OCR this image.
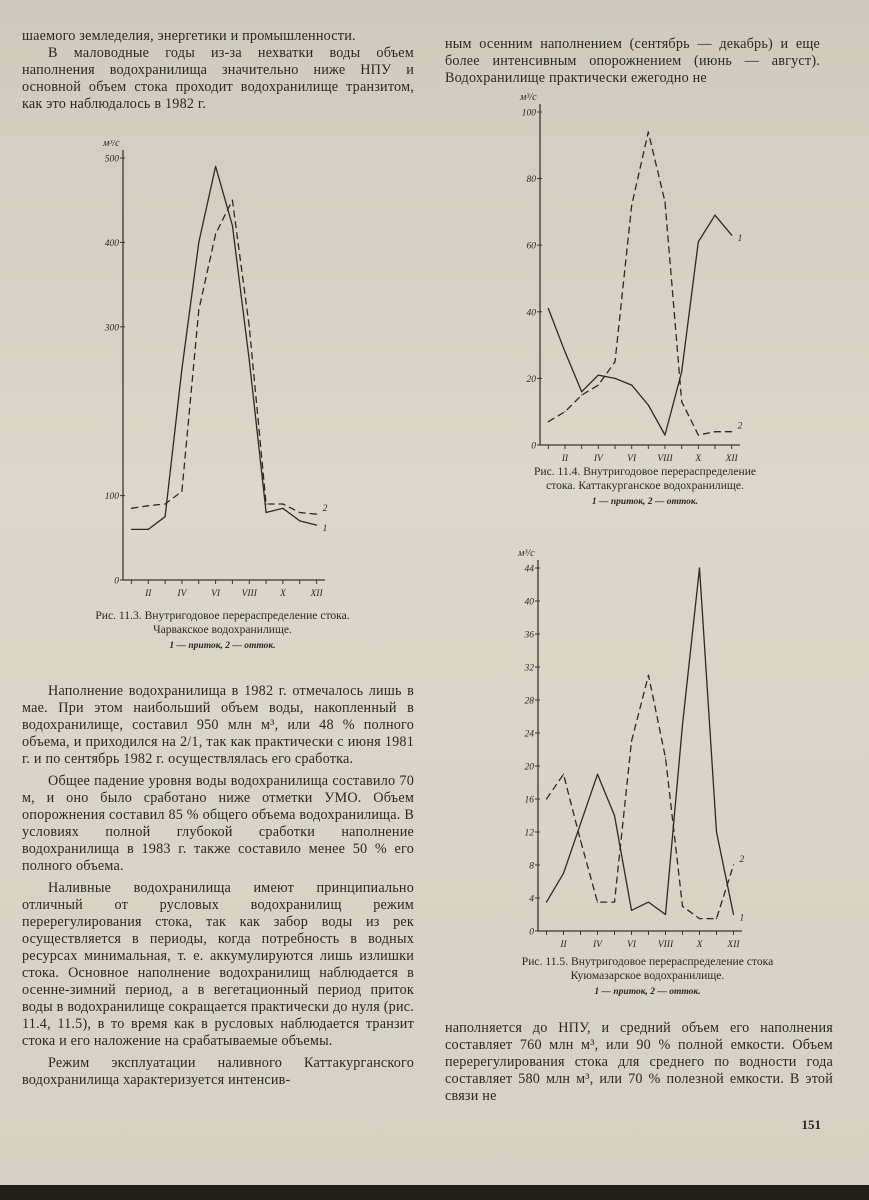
шаемого земледелия, энергетики и промышленности.

В маловодные годы из-за нехватки воды объем наполнения водохранилища значительно ниже НПУ и основной объем стока проходит водохранилище транзитом, как это наблюдалось в 1982 г.

ным осенним наполнением (сентябрь — декабрь) и еще более интенсивным опорожнением (июнь — август). Водохранилище практически ежегодно не

м³/с
0
100
300
400
500
II	IV	VI VIII X	XII
1
2
Рис. 11.3. Внутригодовое перераспределение стока. Чарвакское водохранилище.
1 — приток, 2 — отток.
м³/с
0
20
40
60
80
100
II	IV	VI VIII X	XII
1
2
Рис. 11.4. Внутригодовое перераспределение стока. Каттакурганское водохранилище.
1 — приток, 2 — отток.
м³/с
0
4
8
12
16
20
24
28
32
36
40
44
II	IV	VI VIII X	XII
1
2
Рис. 11.5. Внутригодовое перераспределение стока Куюмазарское водохранилище.
1 — приток, 2 — отток.

Наполнение водохранилища в 1982 г. отмечалось лишь в мае. При этом наибольший объем воды, накопленный в водохранилище, составил 950 млн м³, или 48 % полного объема, и приходился на 2/1, так как практически с июня 1981 г. и по сентябрь 1982 г. осуществлялась его сработка.

Общее падение уровня воды водохранилища составило 70 м, и оно было сработано ниже отметки УМО. Объем опорожнения составил 85 % общего объема водохранилища. В условиях полной глубокой сработки наполнение водохранилища в 1983 г. также составило менее 50 % его полного объема.

Наливные водохранилища имеют принципиально отличный от русловых водохранилищ режим перерегулирования стока, так как забор воды из рек осуществляется в периоды, когда потребность в водных ресурсах минимальная, т. е. аккумулируются лишь излишки стока. Основное наполнение водохранилищ наблюдается в осенне-зимний период, а в вегетационный период приток воды в водохранилище сокращается практически до нуля (рис. 11.4, 11.5), в то время как в русловых наблюдается транзит стока и его наложение на срабатываемые объемы.

Режим эксплуатации наливного Каттакурганского водохранилища характеризуется интенсив-

наполняется до НПУ, и средний объем его наполнения составляет 760 млн м³, или 90 % полной емкости. Объем перерегулирования стока для среднего по водности года составляет 580 млн м³, или 70 % полезной емкости. В этой связи не

151
